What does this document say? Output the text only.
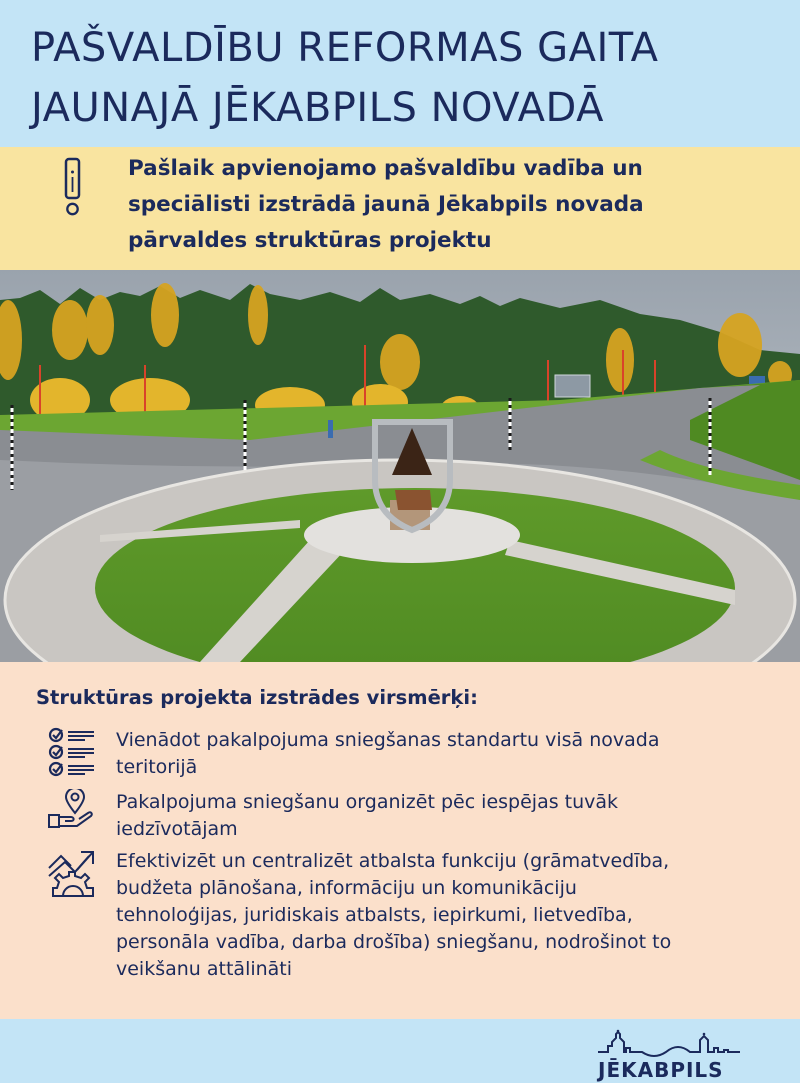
PAŠVALDĪBU REFORMAS GAITA
JAUNAJĀ JĒKABPILS NOVADĀ
Pašlaik apvienojamo pašvaldību vadība un
speciālisti izstrādā jaunā Jēkabpils novada
pārvaldes struktūras projektu
Struktūras projekta izstrādes virsmērķi:
Vienādot pakalpojuma sniegšanas standartu visā novada
teritorijā
Pakalpojuma sniegšanu organizēt pēc iespējas tuvāk
iedzīvotājam
Efektivizēt un centralizēt atbalsta funkciju (grāmatvedība,
budžeta plānošana, informāciju un komunikāciju
tehnoloģijas, juridiskais atbalsts, iepirkumi, lietvedība,
personāla vadība, darba drošība) sniegšanu, nodrošinot to
veikšanu attālināti
JĒKABPILS
